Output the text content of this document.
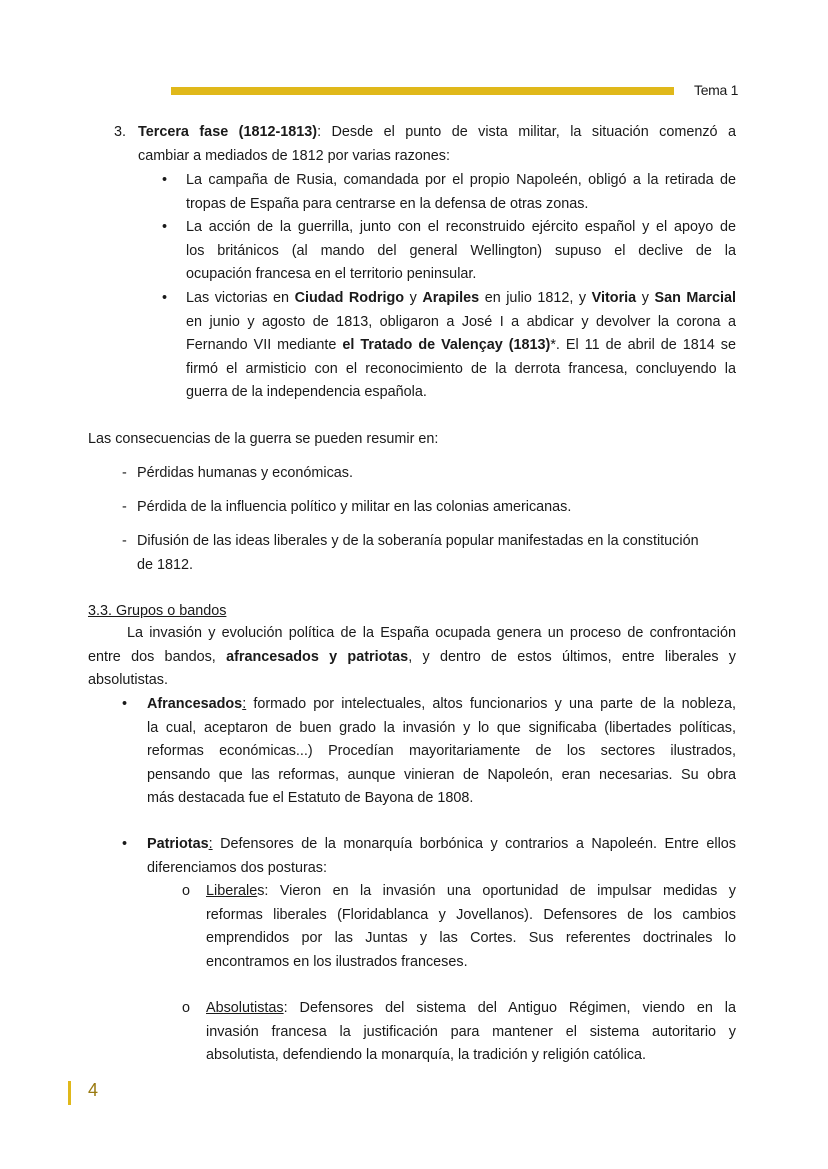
Tema 1
3. Tercera fase (1812-1813): Desde el punto de vista militar, la situación comenzó a
cambiar a mediados de 1812 por varias razones:
• La campaña de Rusia, comandada por el propio Napoleén, obligó a la retirada de
tropas de España para centrarse en la defensa de otras zonas.
• La acción de la guerrilla, junto con el reconstruido ejército español y el apoyo de
los británicos (al mando del general Wellington) supuso el declive de la
ocupación francesa en el territorio peninsular.
• Las victorias en Ciudad Rodrigo y Arapiles en julio 1812, y Vitoria y San Marcial
en junio y agosto de 1813, obligaron a José I a abdicar y devolver la corona a
Fernando VII mediante el Tratado de Valençay (1813)*. El 11 de abril de 1814 se
firmó el armisticio con el reconocimiento de la derrota francesa, concluyendo la
guerra de la independencia española.
Las consecuencias de la guerra se pueden resumir en:
- Pérdidas humanas y económicas.
- Pérdida de la influencia político y militar en las colonias americanas.
- Difusión de las ideas liberales y de la soberanía popular manifestadas en la constitución
de 1812.
3.3. Grupos o bandos
La invasión y evolución política de la España ocupada genera un proceso de confrontación
entre dos bandos, afrancesados y patriotas, y dentro de estos últimos, entre liberales y
absolutistas.
• Afrancesados: formado por intelectuales, altos funcionarios y una parte de la nobleza,
la cual, aceptaron de buen grado la invasión y lo que significaba (libertades políticas,
reformas económicas...) Procedían mayoritariamente de los sectores ilustrados,
pensando que las reformas, aunque vinieran de Napoleón, eran necesarias. Su obra
más destacada fue el Estatuto de Bayona de 1808.
• Patriotas: Defensores de la monarquía borbónica y contrarios a Napoleén. Entre ellos
diferenciamos dos posturas:
o Liberales: Vieron en la invasión una oportunidad de impulsar medidas y
reformas liberales (Floridablanca y Jovellanos). Defensores de los cambios
emprendidos por las Juntas y las Cortes. Sus referentes doctrinales lo
encontramos en los ilustrados franceses.
o Absolutistas: Defensores del sistema del Antiguo Régimen, viendo en la
invasión francesa la justificación para mantener el sistema autoritario y
absolutista, defendiendo la monarquía, la tradición y religión católica.
4
